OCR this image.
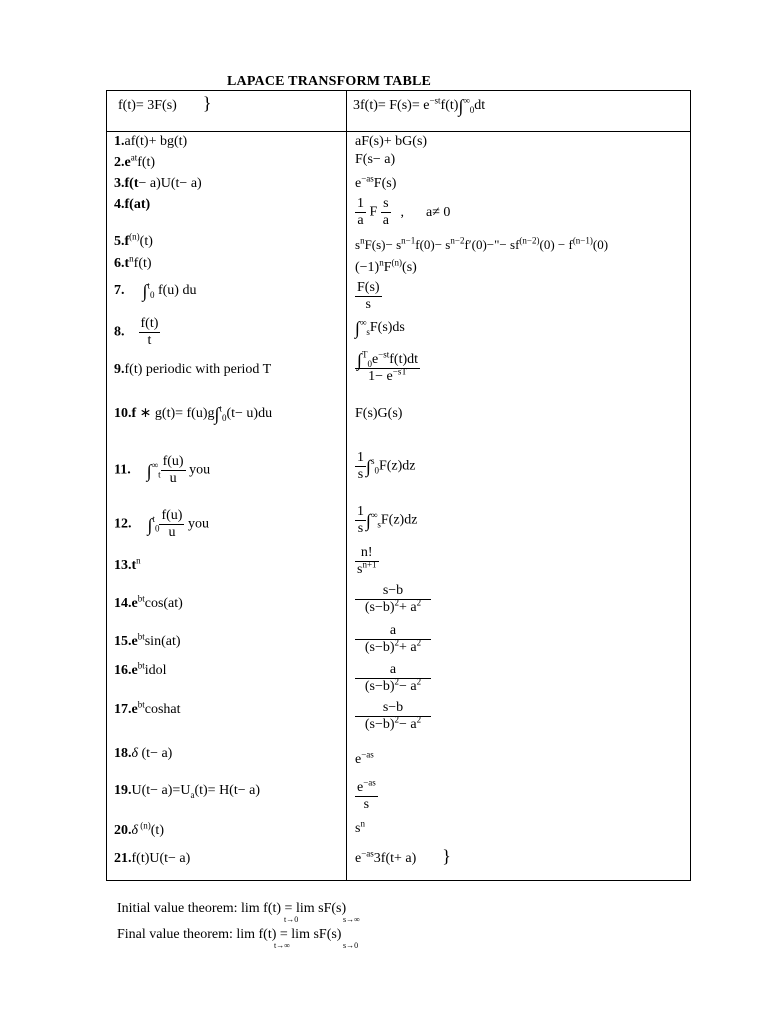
LAPACE TRANSFORM TABLE
f(t)= 3F(s) }	$3f(t)= F(s)= e^{-st}f(t)\int^\infty_0dt$
1.af(t)+ bg(t)	aF(s)+ bG(s)
$2.e^{at}f(t)$	F(s− a)
3.f(t− a)U(t− a)	$e^{-as}F(s)$
4.f(at)	$\frac{1}{a}$ F $\frac{s}{a}$ , a≠ 0
$5.f^{(n)}(t)$	$s^nF(s)- s^{n-1}f(0)-$ $s^{n-2}f'(0)-"- sf^{(n-2)}(0) - f^{(n-1)}(0)$
$6.t^nf(t)$	$(-1)^nF^{(n)}(s)$
7. ∫$^t_0$ f(u) du	$\frac{F(s)}{s}$
8. $\frac{f(t)}{t}$	$\int^\infty_sF(s)ds$
9.f(t) periodic with period T	$\frac{\int^T_0e^{-st}f(t)dt}{1- e^{-sT}}$
10.f ∗ g(t)= f(u)g∫$^t_0$(t− u)du	F(s)G(s)
11. $\int^\infty_t \frac{f(u)}{u}$ you	$\frac{1}{s} \int^s_0F(z)dz$
12. $\int^t_0 \frac{f(u)}{u}$ you	$\frac{1}{s} \int^\infty_sF(z)dz$
$13.t^n$	$\frac{n!}{s^{n+1}}$
$14.e^{bt}\cos(at)$	$\frac{s-b}{(s-b)^2+ a^2}$
$15.e^{bt}\sin(at)$	$\frac{a}{(s-b)^2+ a^2}$
$16.e^{bt}idol$	$\frac{a}{(s-b)^2- a^2}$
$17.e^{bt}coshat$	$\frac{s-b}{(s-b)^2- a^2}$
18.δ (t− a)	$e^{-as}$
$19.U(t- a)=U_a(t)= H(t- a)$	$\frac{e^{-as}}{s}$
20.δ $^{(n)}$(t)	$s^n$
21.f(t)U(t− a)	$e^{-as}3f(t+ a)$ }
Initial value theorem: lim f(t) = lim sF(s)
t→0	s→∞
Final value theorem: lim f(t) = lim sF(s)
t→∞	s→0
